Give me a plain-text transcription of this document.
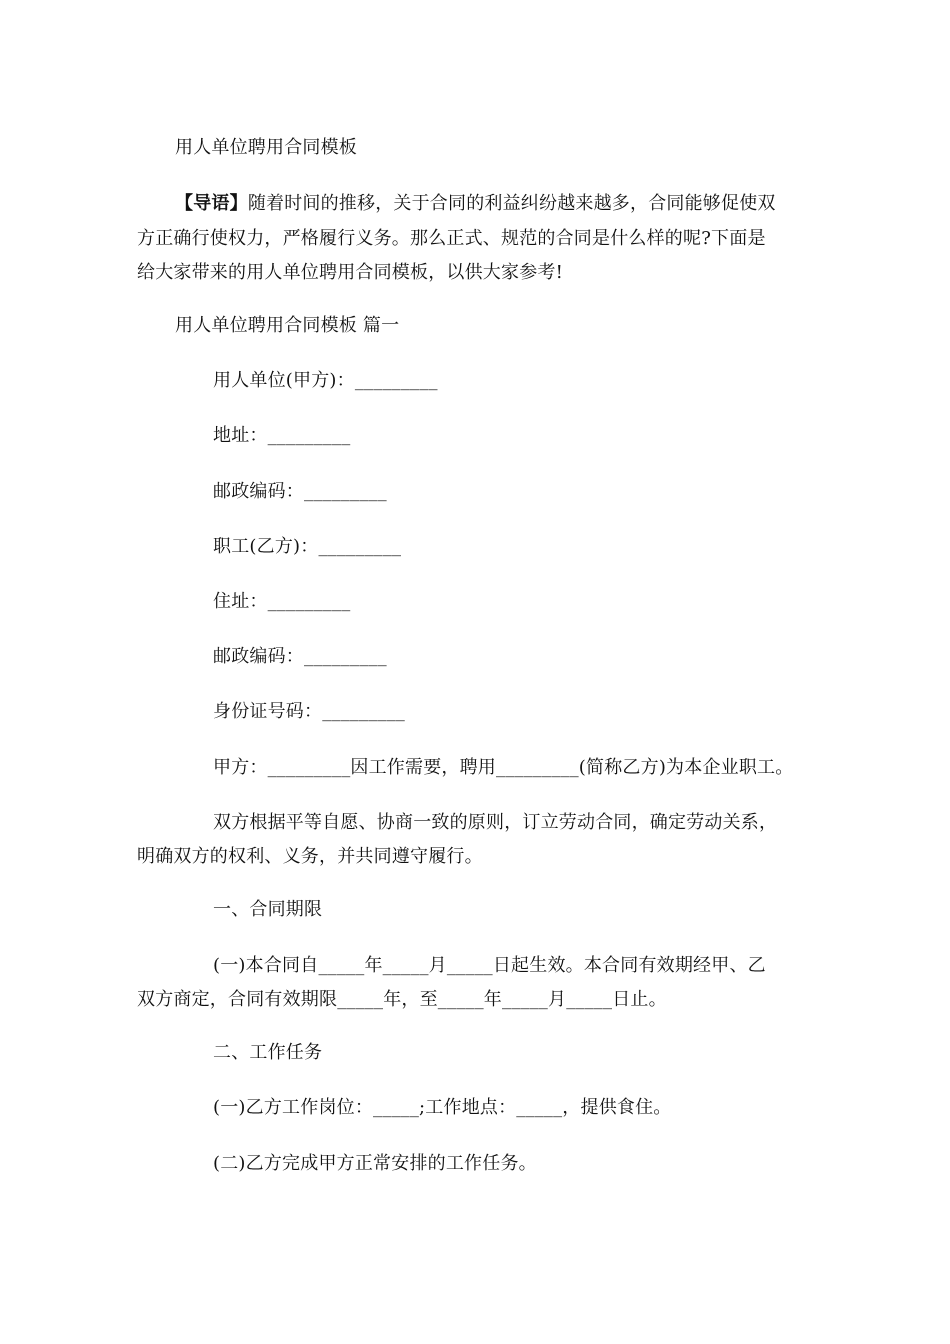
用人单位聘用合同模板
【导语】随着时间的推移，关于合同的利益纠纷越来越多，合同能够促使双
方正确行使权力，严格履行义务。那么正式、规范的合同是什么样的呢?下面是
给大家带来的用人单位聘用合同模板，以供大家参考!
用人单位聘用合同模板 篇一
用人单位(甲方)：_________
地址：_________
邮政编码：_________
职工(乙方)：_________
住址：_________
邮政编码：_________
身份证号码：_________
甲方：_________因工作需要，聘用_________(简称乙方)为本企业职工。
双方根据平等自愿、协商一致的原则，订立劳动合同，确定劳动关系，
明确双方的权利、义务，并共同遵守履行。
一、合同期限
(一)本合同自_____年_____月_____日起生效。本合同有效期经甲、乙
双方商定，合同有效期限_____年，至_____年_____月_____日止。
二、工作任务
(一)乙方工作岗位：_____;工作地点：_____，提供食住。
(二)乙方完成甲方正常安排的工作任务。
